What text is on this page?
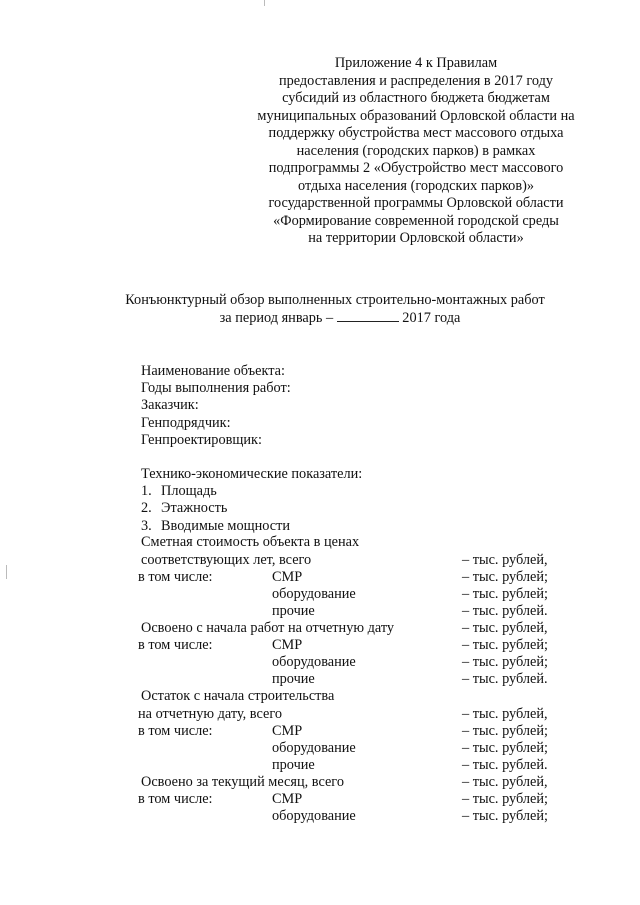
Приложение 4 к Правилам
предоставления и распределения в 2017 году
субсидий из областного бюджета бюджетам
муниципальных образований Орловской области на
поддержку обустройства мест массового отдыха
населения (городских парков) в рамках
подпрограммы 2 «Обустройство мест массового
отдыха населения (городских парков)»
государственной программы Орловской области
«Формирование современной городской среды
на территории Орловской области»
Конъюнктурный обзор выполненных строительно-монтажных работ
за период январь –	2017 года
Наименование объекта:
Годы выполнения работ:
Заказчик:
Генподрядчик:
Генпроектировщик:
Технико-экономические показатели:
1. Площадь
2. Этажность
3. Вводимые мощности
Сметная стоимость объекта в ценах
соответствующих лет, всего	– тыс. рублей,
в том числе:	СМР	– тыс. рублей;
оборудование	– тыс. рублей;
прочие	– тыс. рублей.
Освоено с начала работ на отчетную дату	– тыс. рублей,
в том числе:	СМР	– тыс. рублей;
оборудование	– тыс. рублей;
прочие	– тыс. рублей.
Остаток с начала строительства
на отчетную дату, всего	– тыс. рублей,
в том числе:	СМР	– тыс. рублей;
оборудование	– тыс. рублей;
прочие	– тыс. рублей.
Освоено за текущий месяц, всего	– тыс. рублей,
в том числе:	СМР	– тыс. рублей;
оборудование	– тыс. рублей;
